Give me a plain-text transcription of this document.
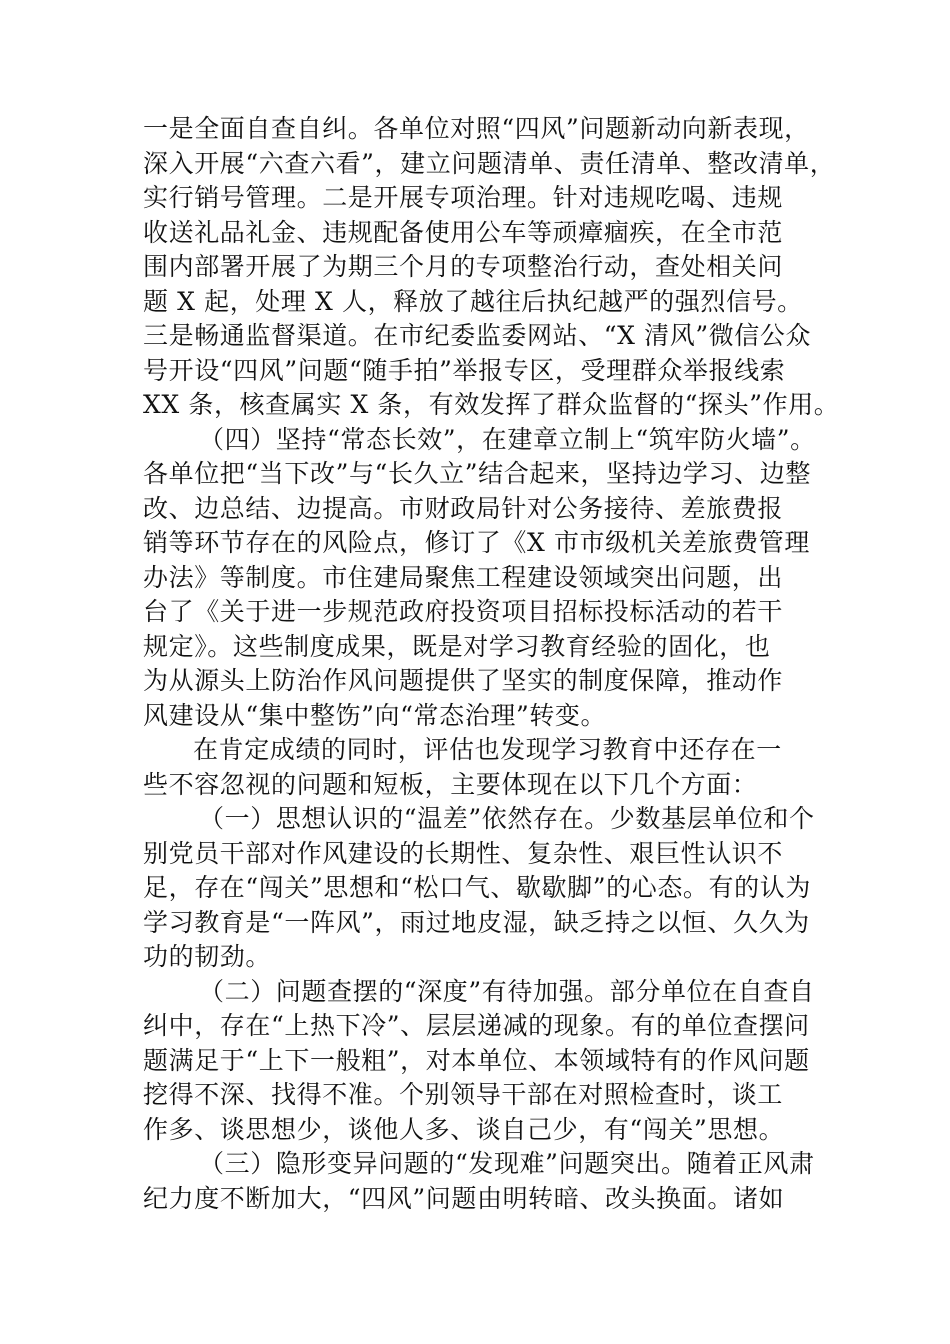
一是全面自查自纠。各单位对照“四风”问题新动向新表现，
深入开展“六查六看”，建立问题清单、责任清单、整改清单，
实行销号管理。二是开展专项治理。针对违规吃喝、违规
收送礼品礼金、违规配备使用公车等顽瘴痼疾，在全市范
围内部署开展了为期三个月的专项整治行动，查处相关问
题 X 起，处理 X 人，释放了越往后执纪越严的强烈信号。
三是畅通监督渠道。在市纪委监委网站、“X 清风”微信公众
号开设“四风”问题“随手拍”举报专区，受理群众举报线索
XX 条，核查属实 X 条，有效发挥了群众监督的“探头”作用。
（四）坚持“常态长效”，在建章立制上“筑牢防火墙”。
各单位把“当下改”与“长久立”结合起来，坚持边学习、边整
改、边总结、边提高。市财政局针对公务接待、差旅费报
销等环节存在的风险点，修订了《X 市市级机关差旅费管理
办法》等制度。市住建局聚焦工程建设领域突出问题，出
台了《关于进一步规范政府投资项目招标投标活动的若干
规定》。这些制度成果，既是对学习教育经验的固化，也
为从源头上防治作风问题提供了坚实的制度保障，推动作
风建设从“集中整饬”向“常态治理”转变。
在肯定成绩的同时，评估也发现学习教育中还存在一
些不容忽视的问题和短板，主要体现在以下几个方面：
（一）思想认识的“温差”依然存在。少数基层单位和个
别党员干部对作风建设的长期性、复杂性、艰巨性认识不
足，存在“闯关”思想和“松口气、歇歇脚”的心态。有的认为
学习教育是“一阵风”，雨过地皮湿，缺乏持之以恒、久久为
功的韧劲。
（二）问题查摆的“深度”有待加强。部分单位在自查自
纠中，存在“上热下冷”、层层递减的现象。有的单位查摆问
题满足于“上下一般粗”，对本单位、本领域特有的作风问题
挖得不深、找得不准。个别领导干部在对照检查时，谈工
作多、谈思想少，谈他人多、谈自己少，有“闯关”思想。
（三）隐形变异问题的“发现难”问题突出。随着正风肃
纪力度不断加大，“四风”问题由明转暗、改头换面。诸如
